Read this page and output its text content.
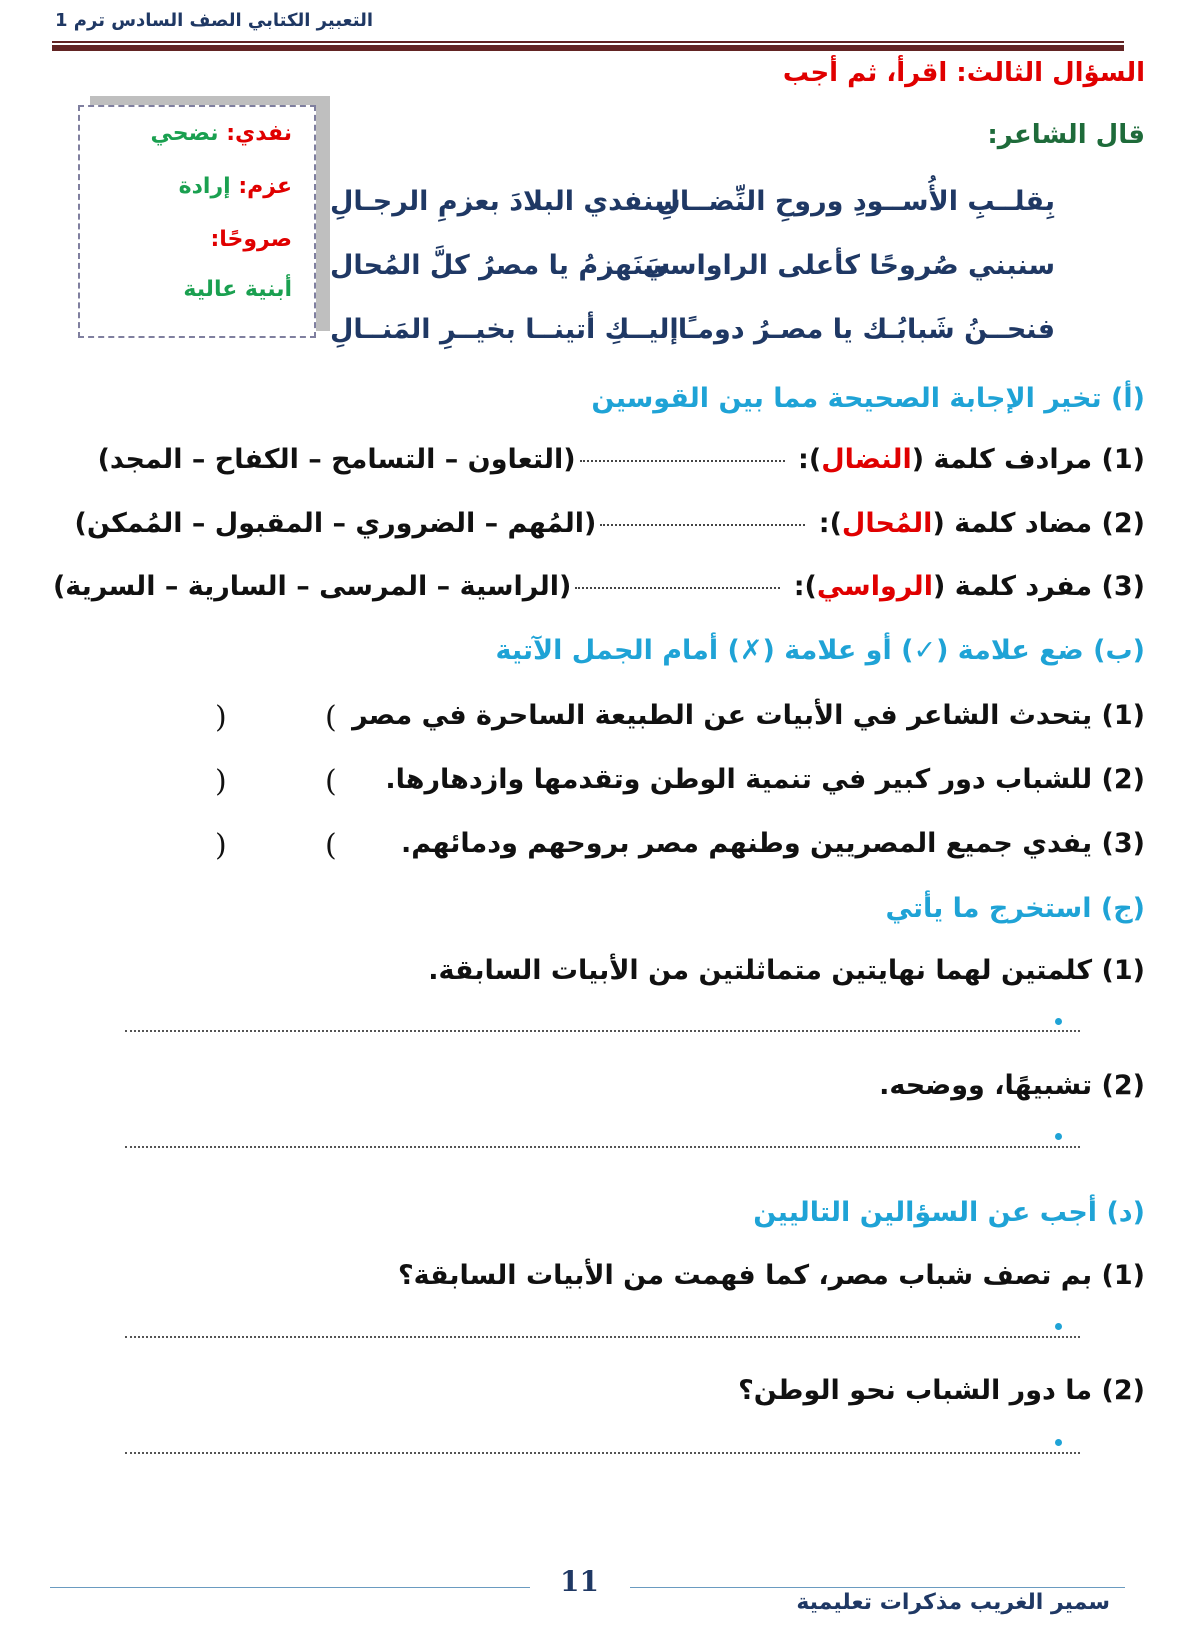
التعبير الكتابي الصف السادس ترم 1
السؤال الثالث: اقرأ، ثم أجب
نفدي: نضحي
عزم: إرادة
صروحًا:
أبنية عالية
قال الشاعر:
بِقلــبِ الأُســودِ وروحِ النِّضــالِ
سنفدي البلادَ بعزمِ الرجـالِ
سنبني صُروحًا كأعلى الراواسي
سَنَهزمُ يا مصرُ كلَّ المُحال
فنحــنُ شَبابُـك يا مصـرُ دومـًا
إليــكِ أتينــا بخيــرِ المَنــالِ
(أ) تخير الإجابة الصحيحة مما بين القوسين
(1) مرادف كلمة (النضال): (التعاون – التسامح – الكفاح – المجد)
(2) مضاد كلمة (المُحال): (المُهم – الضروري – المقبول – المُمكن)
(3) مفرد كلمة (الرواسي): (الراسية – المرسى – السارية – السرية)
(ب) ضع علامة (✓) أو علامة (✗) أمام الجمل الآتية
(1) يتحدث الشاعر في الأبيات عن الطبيعة الساحرة في مصر
(2) للشباب دور كبير في تنمية الوطن وتقدمها وازدهارها.
(3) يفدي جميع المصريين وطنهم مصر بروحهم ودمائهم.
(
)
(
)
(
)
(ج) استخرج ما يأتي
(1) كلمتين لهما نهايتين متماثلتين من الأبيات السابقة.
(2) تشبيهًا، ووضحه.
(د) أجب عن السؤالين التاليين
(1) بم تصف شباب مصر، كما فهمت من الأبيات السابقة؟
(2) ما دور الشباب نحو الوطن؟
11
سمير الغريب مذكرات تعليمية
